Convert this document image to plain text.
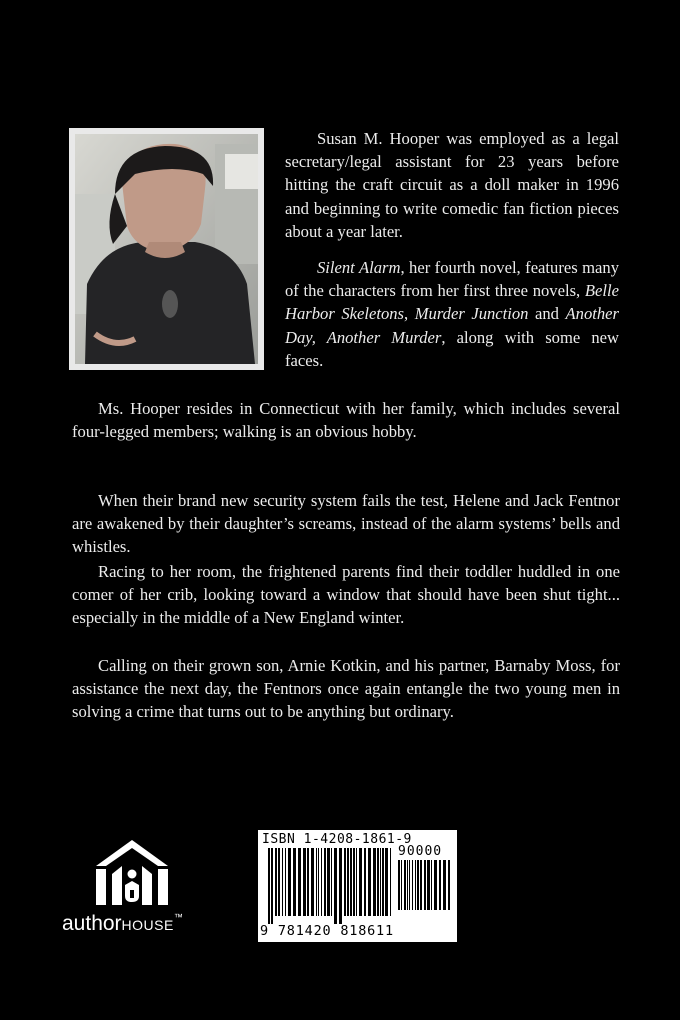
Susan M. Hooper was employed as a legal secretary/legal assistant for 23 years before hitting the craft circuit as a doll maker in 1996 and beginning to write comedic fan fiction pieces about a year later.

Silent Alarm, her fourth novel, features many of the characters from her first three novels, Belle Harbor Skeletons, Murder Junction and Another Day, Another Murder, along with some new faces.

Ms. Hooper resides in Connecticut with her family, which includes several four-legged members; walking is an obvious hobby.

When their brand new security system fails the test, Helene and Jack Fentnor are awakened by their daughter’s screams, instead of the alarm systems’ bells and whistles.

Racing to her room, the frightened parents find their toddler huddled in one comer of her crib, looking toward a window that should have been shut tight... especially in the middle of a New England winter.

Calling on their grown son, Arnie Kotkin, and his partner, Barnaby Moss, for assistance the next day, the Fentnors once again entangle the two young men in solving a crime that turns out to be anything but ordinary.

authorHOUSE™
ISBN 1-4208-1861-9
90000
9 781420 818611
